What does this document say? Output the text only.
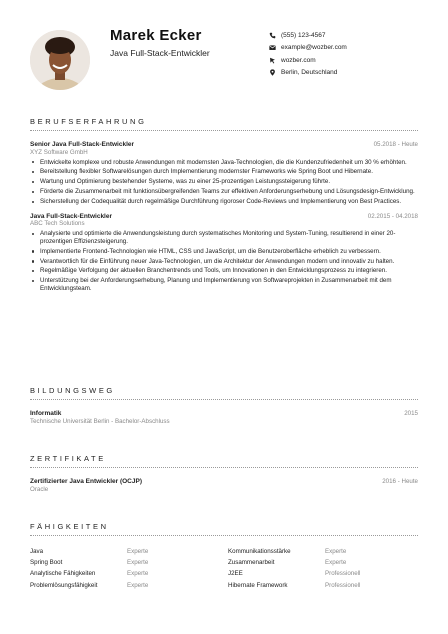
Marek Ecker
Java Full-Stack-Entwickler
(555) 123-4567
example@wozber.com
wozber.com
Berlin, Deutschland
BERUFSERFAHRUNG
Senior Java Full-Stack-Entwickler
XYZ Software GmbH
05.2018 - Heute
Entwickelte komplexe und robuste Anwendungen mit modernsten Java-Technologien, die die Kundenzufriedenheit um 30 % erhöhten.
Bereitstellung flexibler Softwarelösungen durch Implementierung modernster Frameworks wie Spring Boot und Hibernate.
Wartung und Optimierung bestehender Systeme, was zu einer 25-prozentigen Leistungssteigerung führte.
Förderte die Zusammenarbeit mit funktionsübergreifenden Teams zur effektiven Anforderungserhebung und Lösungsdesign-Entwicklung.
Sicherstellung der Codequalität durch regelmäßige Durchführung rigoroser Code-Reviews und Implementierung von Best Practices.
Java Full-Stack-Entwickler
ABC Tech Solutions
02.2015 - 04.2018
Analysierte und optimierte die Anwendungsleistung durch systematisches Monitoring und System-Tuning, resultierend in einer 20-prozentigen Effizienzsteigerung.
Implementierte Frontend-Technologien wie HTML, CSS und JavaScript, um die Benutzeroberfläche erheblich zu verbessern.
Verantwortlich für die Einführung neuer Java-Technologien, um die Architektur der Anwendungen modern und innovativ zu halten.
Regelmäßige Verfolgung der aktuellen Branchentrends und Tools, um Innovationen in den Entwicklungsprozess zu integrieren.
Unterstützung bei der Anforderungserhebung, Planung und Implementierung von Softwareprojekten in Zusammenarbeit mit dem Entwicklungsteam.
BILDUNGSWEG
Informatik
Technische Universität Berlin - Bachelor-Abschluss
2015
ZERTIFIKATE
Zertifizierter Java Entwickler (OCJP)
Oracle
2016 - Heute
FÄHIGKEITEN
Java	Experte	Kommunikationsstärke	Experte
Spring Boot	Experte	Zusammenarbeit	Experte
Analytische Fähigkeiten	Experte	J2EE	Professionell
Problemlösungsfähigkeit	Experte	Hibernate Framework	Professionell
